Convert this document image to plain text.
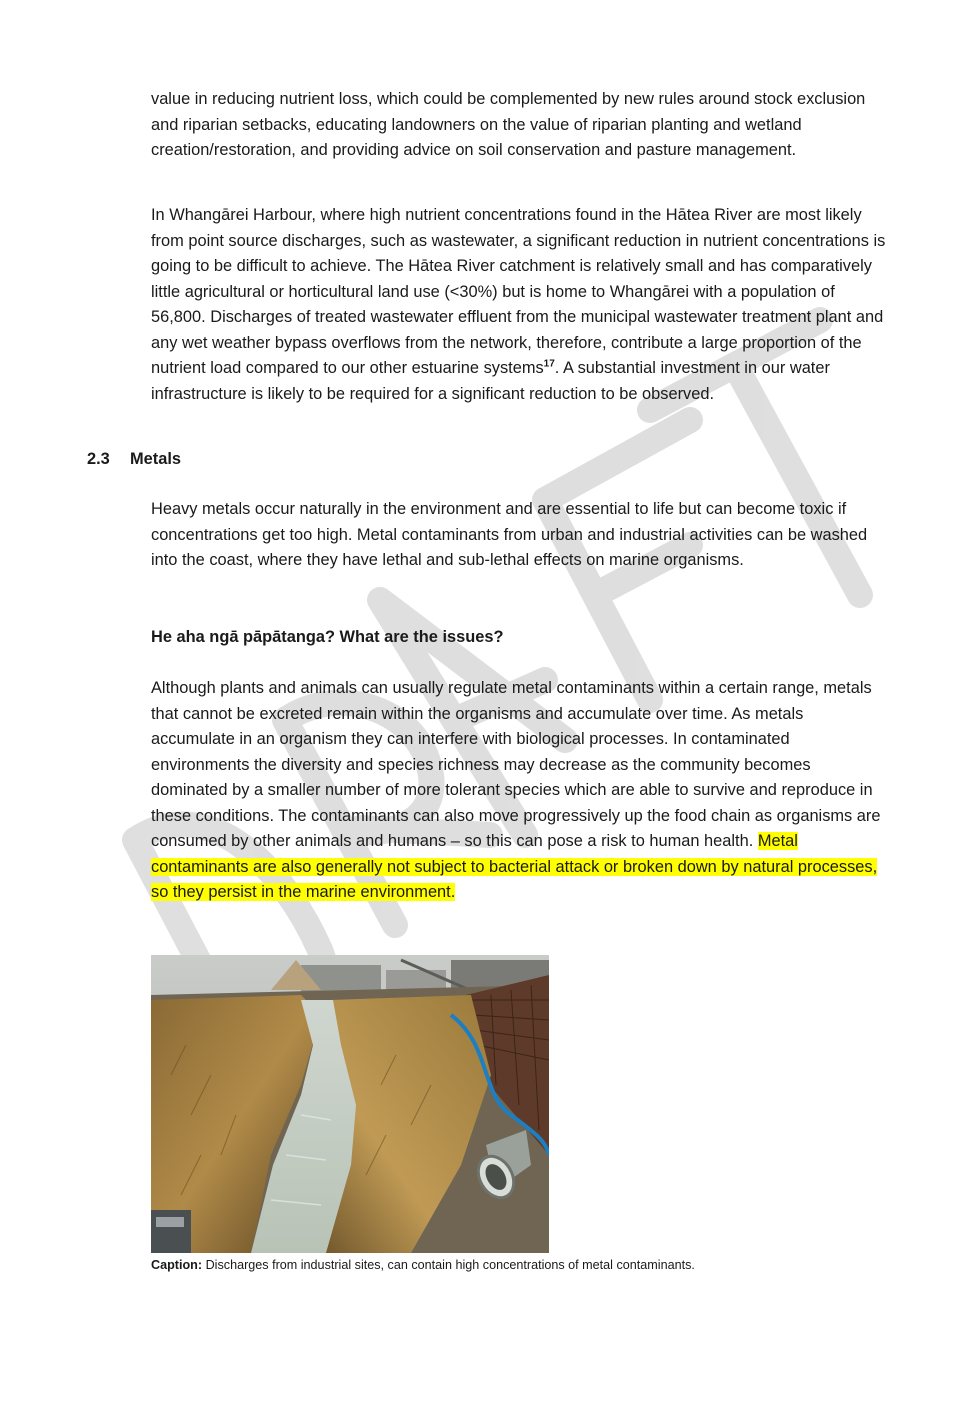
value in reducing nutrient loss, which could be complemented by new rules around stock exclusion and riparian setbacks, educating landowners on the value of riparian planting and wetland creation/restoration, and providing advice on soil conservation and pasture management.

In Whangārei Harbour, where high nutrient concentrations found in the Hātea River are most likely from point source discharges, such as wastewater, a significant reduction in nutrient concentrations is going to be difficult to achieve. The Hātea River catchment is relatively small and has comparatively little agricultural or horticultural land use (<30%) but is home to Whangārei with a population of 56,800. Discharges of treated wastewater effluent from the municipal wastewater treatment plant and any wet weather bypass overflows from the network, therefore, contribute a large proportion of the nutrient load compared to our other estuarine systems$^{17}$. A substantial investment in our water infrastructure is likely to be required for a significant reduction to be observed.

2.3 Metals

Heavy metals occur naturally in the environment and are essential to life but can become toxic if concentrations get too high. Metal contaminants from urban and industrial activities can be washed into the coast, where they have lethal and sub-lethal effects on marine organisms.

He aha ngā pāpātanga? What are the issues?

Although plants and animals can usually regulate metal contaminants within a certain range, metals that cannot be excreted remain within the organisms and accumulate over time. As metals accumulate in an organism they can interfere with biological processes. In contaminated environments the diversity and species richness may decrease as the community becomes dominated by a smaller number of more tolerant species which are able to survive and reproduce in these conditions. The contaminants can also move progressively up the food chain as organisms are consumed by other animals and humans – so this can pose a risk to human health. Metal contaminants are also generally not subject to bacterial attack or broken down by natural processes, so they persist in the marine environment.

Caption: Discharges from industrial sites, can contain high concentrations of metal contaminants.
